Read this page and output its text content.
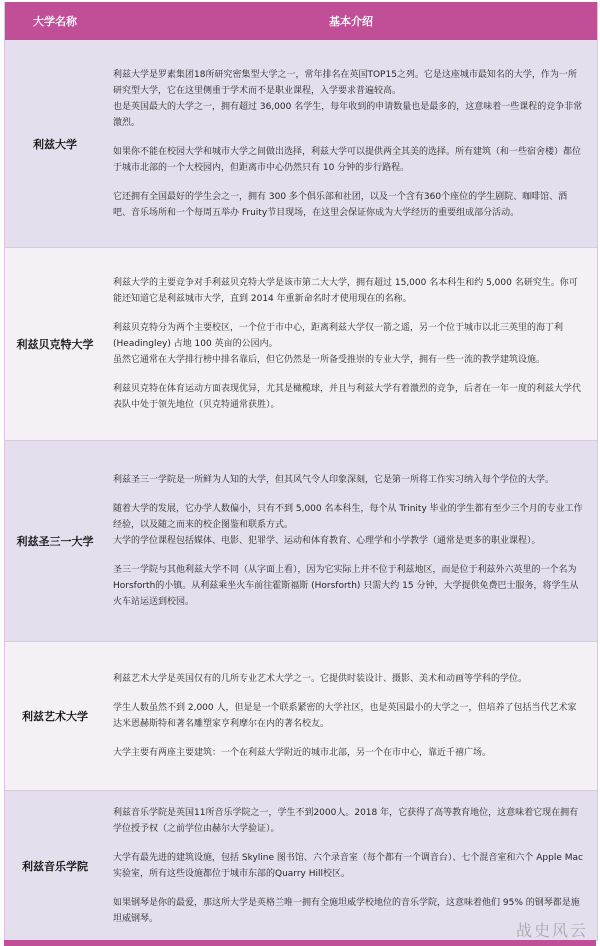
大学名称	基本介绍
利兹大学

利兹大学是罗素集团18所研究密集型大学之一，常年排名在英国TOP15之列。它是这座城市最知名的大学，作为一所研究型大学，它在这里侧重于学术而不是职业课程，入学要求普遍较高。

也是英国最大的大学之一，拥有超过 36,000 名学生，每年收到的申请数量也是最多的，这意味着一些课程的竞争非常激烈。

如果你不能在校园大学和城市大学之间做出选择，利兹大学可以提供两全其美的选择。所有建筑（和一些宿舍楼）都位于城市北部的一个大校园内，但距离市中心仍然只有 10 分钟的步行路程。

它还拥有全国最好的学生会之一，拥有 300 多个俱乐部和社团，以及一个含有360个座位的学生剧院、咖啡馆、酒吧、音乐场所和一个每周五举办 Fruity节目现场，在这里会保证你成为大学经历的重要组成部分活动。

利兹贝克特大学

利兹大学的主要竞争对手利兹贝克特大学是该市第二大大学，拥有超过 15,000 名本科生和约 5,000 名研究生。你可能还知道它是利兹城市大学，直到 2014 年重新命名时才使用现在的名称。

利兹贝克特分为两个主要校区，一个位于市中心，距离利兹大学仅一箭之遥，另一个位于城市以北三英里的海丁利(Headingley) 占地 100 英亩的公园内。

虽然它通常在大学排行榜中排名靠后，但它仍然是一所备受推崇的专业大学，拥有一些一流的教学建筑设施。

利兹贝克特在体育运动方面表现优异，尤其是橄榄球，并且与利兹大学有着激烈的竞争，后者在一年一度的利兹大学代表队中处于领先地位（贝克特通常获胜）。

利兹圣三一大学

利兹圣三一学院是一所鲜为人知的大学，但其风气令人印象深刻，它是第一所将工作实习纳入每个学位的大学。

随着大学的发展，它办学人数偏小，只有不到 5,000 名本科生，每个从 Trinity 毕业的学生都有至少三个月的专业工作经验，以及随之而来的校企图鉴和联系方式。

大学的学位课程包括媒体、电影、犯罪学、运动和体育教育、心理学和小学教学（通常是更多的职业课程）。

圣三一学院与其他利兹大学不同（从字面上看），因为它实际上并不位于利兹地区，而是位于利兹外六英里的一个名为Horsforth的小镇。从利兹乘坐火车前往霍斯福斯 (Horsforth) 只需大约 15 分钟，大学提供免费巴士服务，将学生从火车站运送到校园。

利兹艺术大学

利兹艺术大学是英国仅有的几所专业艺术大学之一。它提供时装设计、摄影、美术和动画等学科的学位。

学生人数虽然不到 2,000 人，但是是一个联系紧密的大学社区，也是英国最小的大学之一，但培养了包括当代艺术家达米恩赫斯特和著名雕塑家亨利摩尔在内的著名校友。

大学主要有两座主要建筑：一个在利兹大学附近的城市北部，另一个在市中心，靠近千禧广场。

利兹音乐学院

利兹音乐学院是英国11所音乐学院之一，学生不到2000人。2018 年，它获得了高等教育地位，这意味着它现在拥有学位授予权（之前学位由赫尔大学验证）。

大学有最先进的建筑设施，包括 Skyline 图书馆、六个录音室（每个都有一个调音台）、七个混音室和六个 Apple Mac 实验室，所有这些设施都位于城市东部的Quarry Hill校区。

如果钢琴是你的最爱，那这所大学是英格兰唯一拥有全施坦威学校地位的音乐学院，这意味着他们 95% 的钢琴都是施坦威钢琴。

战史风云
